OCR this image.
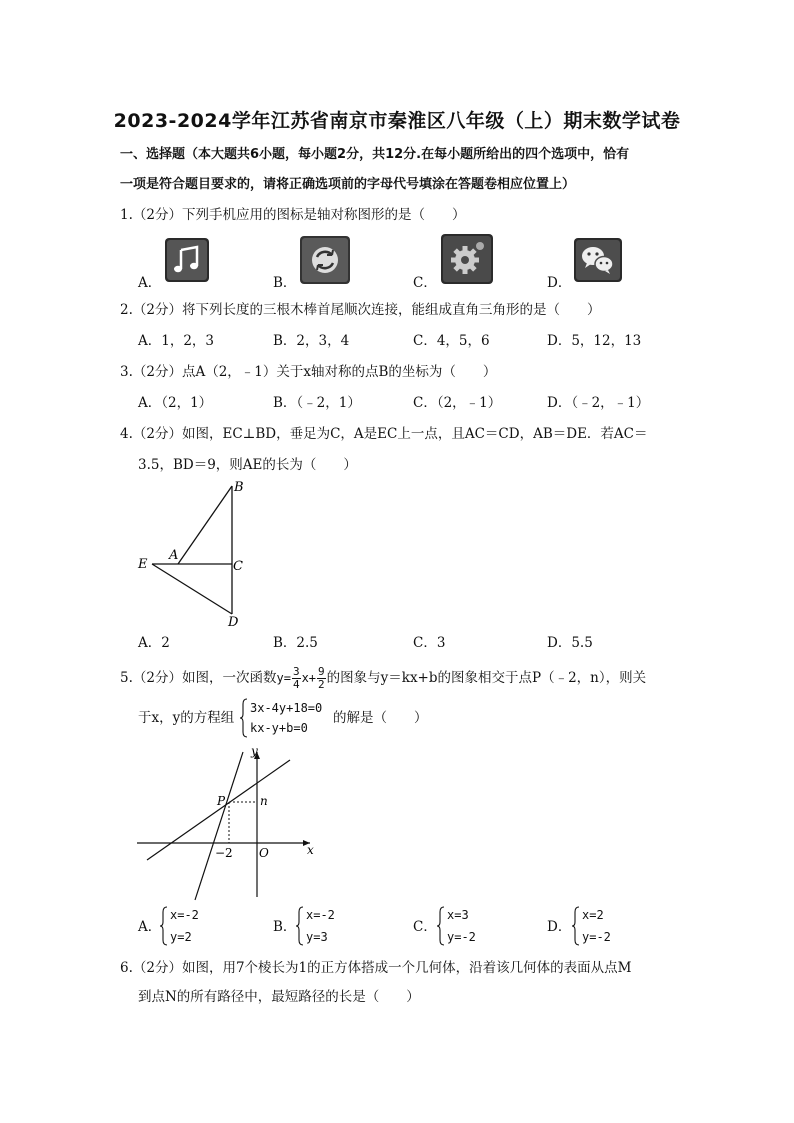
2023-2024学年江苏省南京市秦淮区八年级（上）期末数学试卷
一、选择题（本大题共6小题，每小题2分，共12分.在每小题所给出的四个选项中，恰有
一项是符合题目要求的，请将正确选项前的字母代号填涂在答题卷相应位置上）
1.（2分）下列手机应用的图标是轴对称图形的是（　　）
A．	B．	C．	D．
2.（2分）将下列长度的三根木棒首尾顺次连接，能组成直角三角形的是（　　）
A．1，2，3	B．2，3，4	C．4，5，6	D．5，12，13
3.（2分）点A（2，﹣1）关于x轴对称的点B的坐标为（　　）
A．（2，1）	B．（﹣2，1）	C．（2，﹣1）	D．（﹣2，﹣1）
4.（2分）如图，EC⊥BD，垂足为C，A是EC上一点，且AC＝CD，AB＝DE．若AC＝
3.5，BD＝9，则AE的长为（　　）
B
A
E	C
D
A．2	B．2.5	C．3	D．5.5
5.（2分）如图，一次函数$y= \frac{3}{4} x+ \frac{9}{2}$ 的图象与y＝kx+b的图象相交于点P（﹣2，n），则关
于x，y的方程组
3x-4y+18=0
kx-y+b=0
的解是（　　）
y
x
P	n
O
−2
A．
x=-2
y=2
B．
x=-2
y=3
C．
x=3
y=-2
D．
x=2
y=-2
6.（2分）如图，用7个棱长为1的正方体搭成一个几何体，沿着该几何体的表面从点M
到点N的所有路径中，最短路径的长是（　　）
